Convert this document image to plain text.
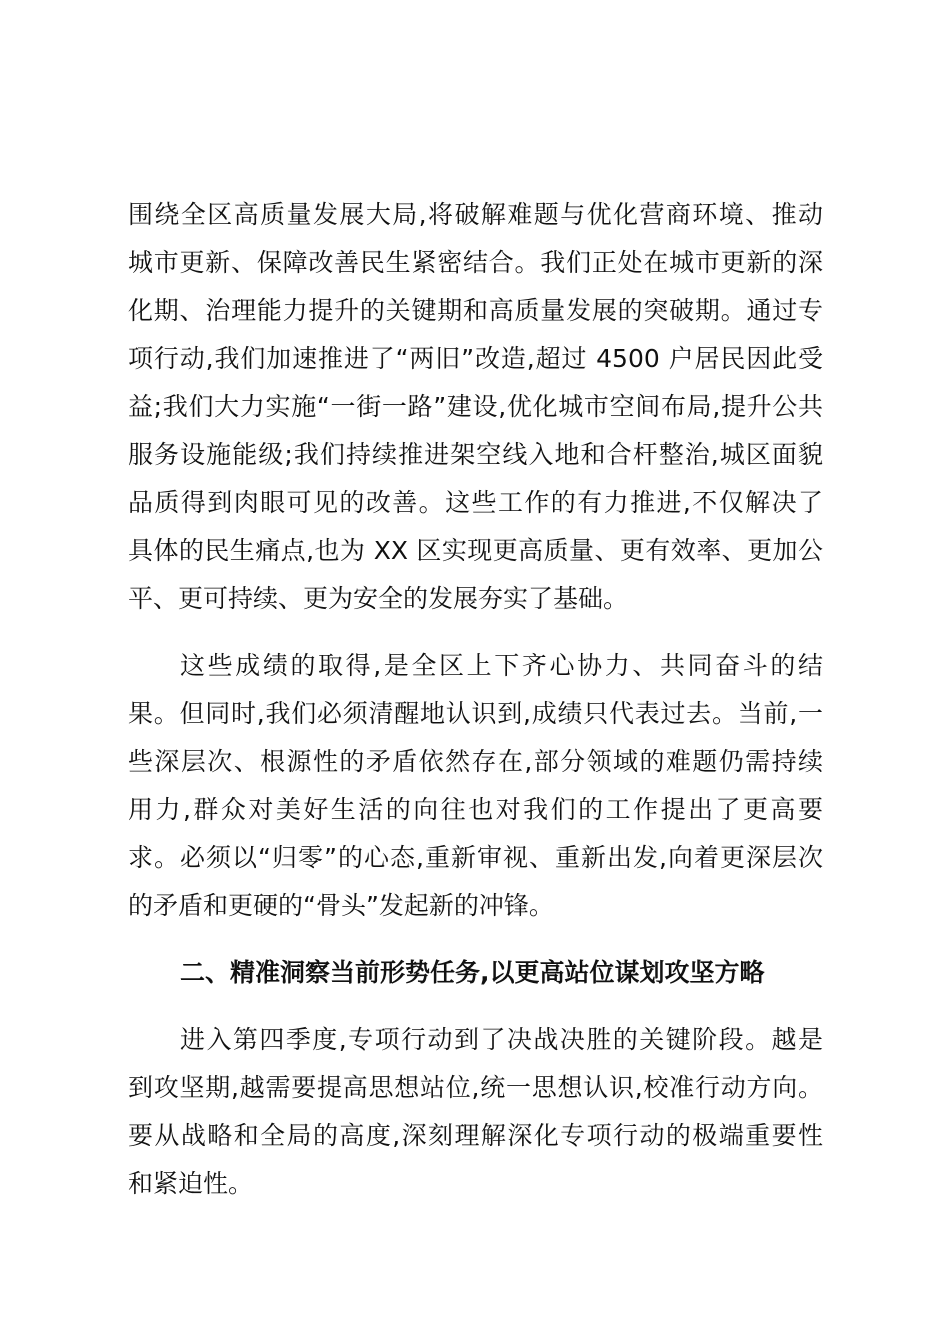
围绕全区高质量发展大局,将破解难题与优化营商环境、推动
城市更新、保障改善民生紧密结合。我们正处在城市更新的深
化期、治理能力提升的关键期和高质量发展的突破期。通过专
项行动,我们加速推进了“两旧”改造,超过 4500 户居民因此受
益;我们大力实施“一街一路”建设,优化城市空间布局,提升公共
服务设施能级;我们持续推进架空线入地和合杆整治,城区面貌
品质得到肉眼可见的改善。这些工作的有力推进,不仅解决了
具体的民生痛点,也为 XX 区实现更高质量、更有效率、更加公
平、更可持续、更为安全的发展夯实了基础。
这些成绩的取得,是全区上下齐心协力、共同奋斗的结
果。但同时,我们必须清醒地认识到,成绩只代表过去。当前,一
些深层次、根源性的矛盾依然存在,部分领域的难题仍需持续
用力,群众对美好生活的向往也对我们的工作提出了更高要
求。必须以“归零”的心态,重新审视、重新出发,向着更深层次
的矛盾和更硬的“骨头”发起新的冲锋。
二、精准洞察当前形势任务,以更高站位谋划攻坚方略
进入第四季度,专项行动到了决战决胜的关键阶段。越是
到攻坚期,越需要提高思想站位,统一思想认识,校准行动方向。
要从战略和全局的高度,深刻理解深化专项行动的极端重要性
和紧迫性。
